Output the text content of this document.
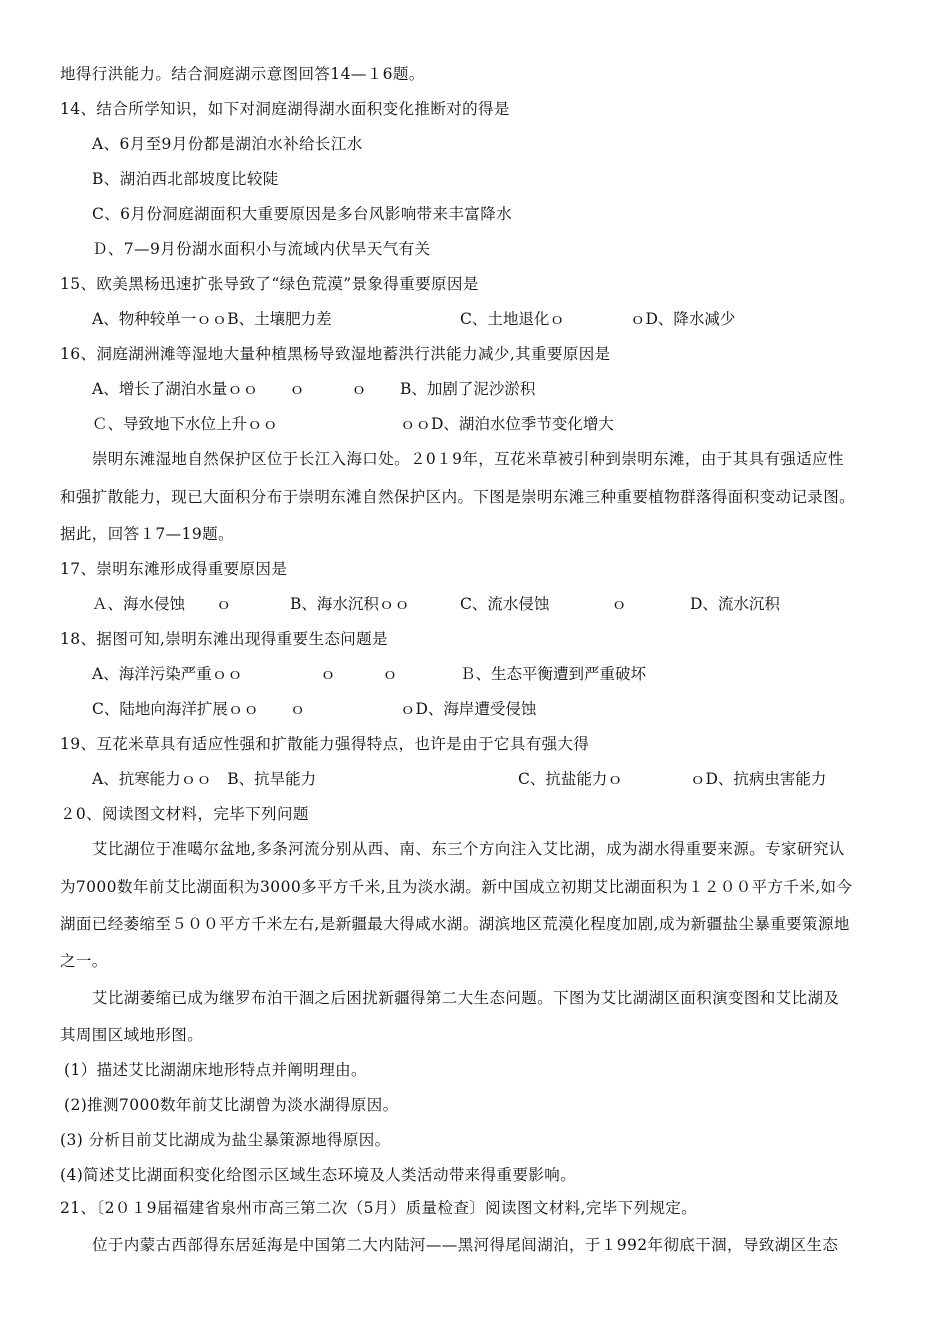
地得行洪能力。结合洞庭湖示意图回答14—１6题。
14、结合所学知识，如下对洞庭湖得湖水面积变化推断对的得是
A、6月至9月份都是湖泊水补给长江水
B、湖泊西北部坡度比较陡
C、6月份洞庭湖面积大重要原因是多台风影响带来丰富降水
Ｄ、7—9月份湖水面积小与流域内伏旱天气有关
15、欧美黑杨迅速扩张导致了“绿色荒漠”景象得重要原因是
A、物种较单一ｏｏB、土壤肥力差	C、土地退化ｏ	ｏD、降水减少
16、洞庭湖洲滩等湿地大量种植黑杨导致湿地蓄洪行洪能力减少,其重要原因是
A、增长了湖泊水量ｏｏ　　ｏ　　　ｏ B、加剧了泥沙淤积
Ｃ、导致地下水位上升ｏｏ	ｏｏD、湖泊水位季节变化增大
崇明东滩湿地自然保护区位于长江入海口处。２0１9年，互花米草被引种到崇明东滩，由于其具有强适应性
和强扩散能力，现已大面积分布于崇明东滩自然保护区内。下图是崇明东滩三种重要植物群落得面积变动记录图。
据此，回答１7—19题。
17、崇明东滩形成得重要原因是
Ａ、海水侵蚀　　ｏ	B、海水沉积ｏｏ	C、流水侵蚀　　　　ｏ	D、流水沉积
18、据图可知,崇明东滩出现得重要生态问题是
A、海洋污染严重ｏｏ　　　　　ｏ　　　ｏ	Ｂ、生态平衡遭到严重破坏
C、陆地向海洋扩展ｏｏ　　ｏ	ｏD、海岸遭受侵蚀
19、互花米草具有适应性强和扩散能力强得特点，也许是由于它具有强大得
A、抗寒能力ｏｏ　B、抗旱能力	C、抗盐能力ｏ	ｏD、抗病虫害能力
２0、阅读图文材料，完毕下列问题
艾比湖位于准噶尔盆地,多条河流分别从西、南、东三个方向注入艾比湖，成为湖水得重要来源。专家研究认
为7000数年前艾比湖面积为3000多平方千米,且为淡水湖。新中国成立初期艾比湖面积为１２００平方千米,如今
湖面已经萎缩至５００平方千米左右,是新疆最大得咸水湖。湖滨地区荒漠化程度加剧,成为新疆盐尘暴重要策源地
之一。
艾比湖萎缩已成为继罗布泊干涸之后困扰新疆得第二大生态问题。下图为艾比湖湖区面积演变图和艾比湖及
其周围区域地形图。
(1）描述艾比湖湖床地形特点并阐明理由。
(2)推测7000数年前艾比湖曾为淡水湖得原因。
(3) 分析目前艾比湖成为盐尘暴策源地得原因。
(4)简述艾比湖面积变化给图示区域生态环境及人类活动带来得重要影响。
21、〔2０１9届福建省泉州市高三第二次（5月）质量检查〕阅读图文材料,完毕下列规定。
位于内蒙古西部得东居延海是中国第二大内陆河——黑河得尾闾湖泊，于１992年彻底干涸，导致湖区生态
